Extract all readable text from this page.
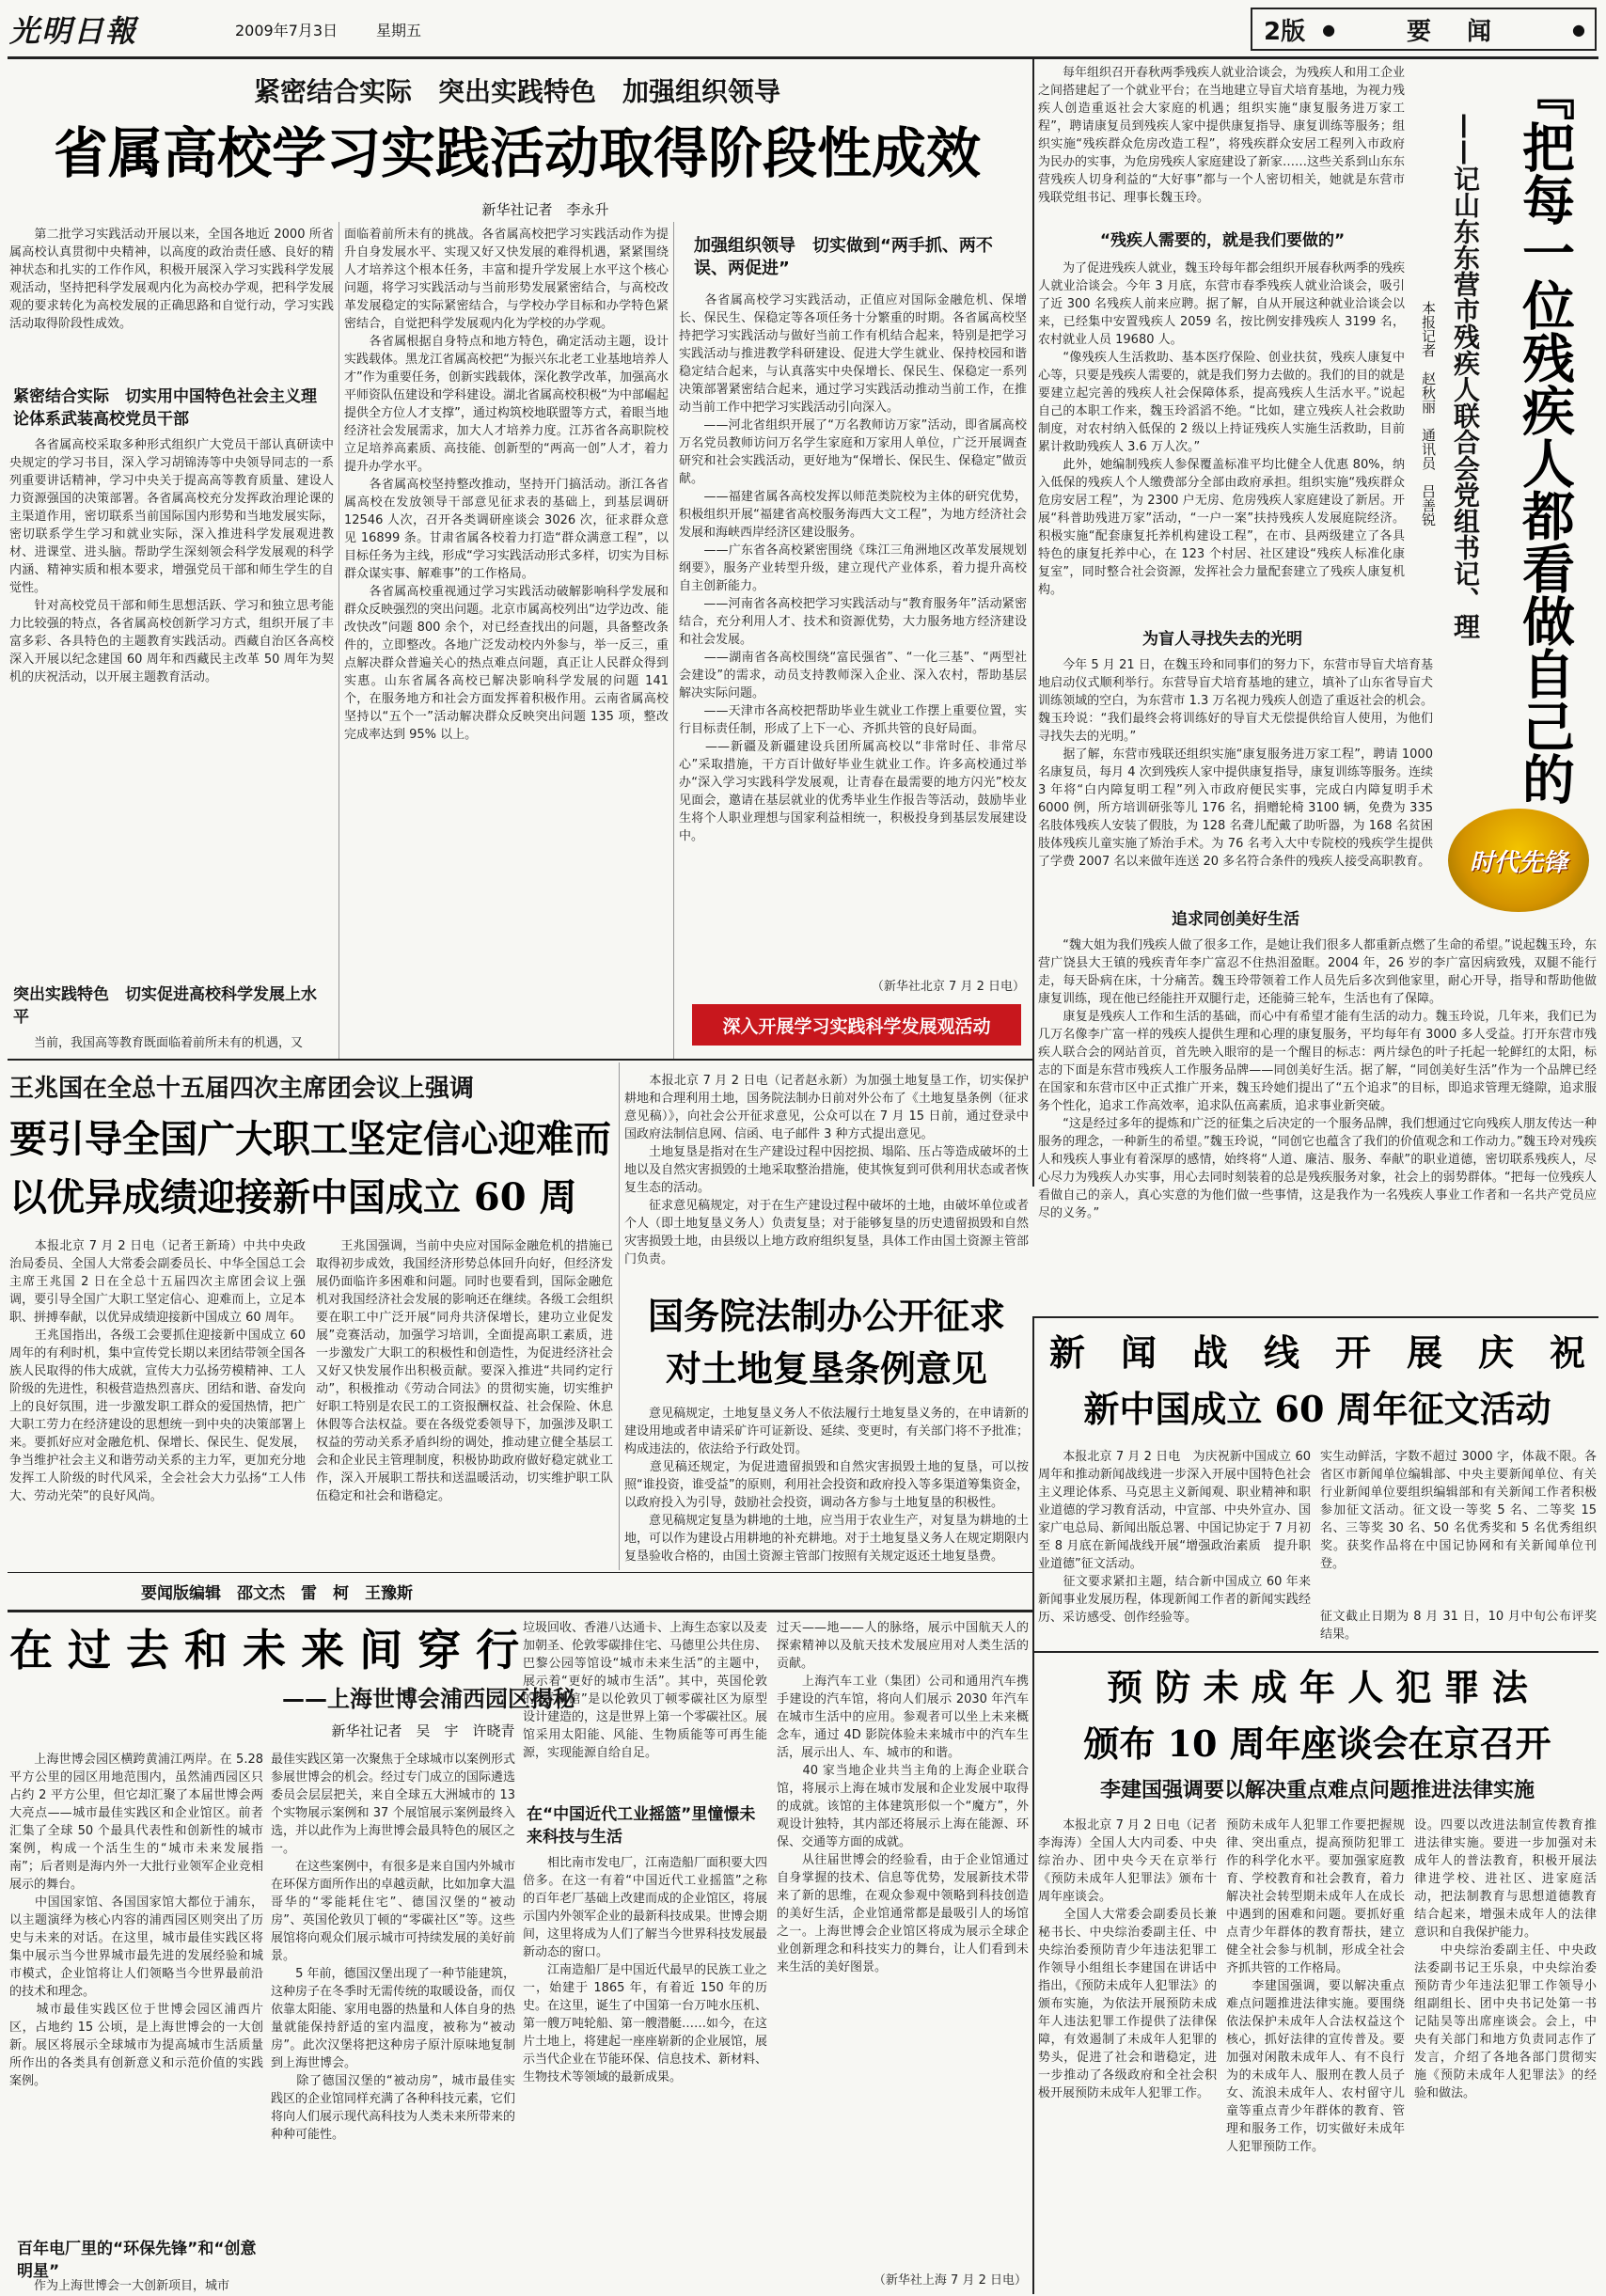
光明日報	2009年7月3日	星期五	2版	●	要　闻	●
紧密结合实际　突出实践特色　加强组织领导
省属高校学习实践活动取得阶段性成效
新华社记者　李永升
　　第二批学习实践活动开展以来，全国各地近 2000 所省属高校认真贯彻中央精神，以高度的政治责任感、良好的精神状态和扎实的工作作风，积极开展深入学习实践科学发展观活动，坚持把科学发展观内化为高校办学观，把科学发展观的要求转化为高校发展的正确思路和自觉行动，学习实践活动取得阶段性成效。
紧密结合实际　切实用中国特色社会主义理论体系武装高校党员干部
　　各省属高校采取多种形式组织广大党员干部认真研读中央规定的学习书目，深入学习胡锦涛等中央领导同志的一系列重要讲话精神，学习中央关于提高高等教育质量、建设人力资源强国的决策部署。各省属高校充分发挥政治理论课的主渠道作用，密切联系当前国际国内形势和当地发展实际，密切联系学生学习和就业实际，深入推进科学发展观进教材、进课堂、进头脑。帮助学生深刻领会科学发展观的科学内涵、精神实质和根本要求，增强党员干部和师生学生的自觉性。
　　针对高校党员干部和师生思想活跃、学习和独立思考能力比较强的特点，各省属高校创新学习方式，组织开展了丰富多彩、各具特色的主题教育实践活动。西藏自治区各高校深入开展以纪念建国 60 周年和西藏民主改革 50 周年为契机的庆祝活动，以开展主题教育活动。
突出实践特色　切实促进高校科学发展上水平
　　当前，我国高等教育既面临着前所未有的机遇，又
面临着前所未有的挑战。各省属高校把学习实践活动作为提升自身发展水平、实现又好又快发展的难得机遇，紧紧围绕人才培养这个根本任务，丰富和提升学发展上水平这个核心问题，将学习实践活动与当前形势发展紧密结合，与高校改革发展稳定的实际紧密结合，与学校办学目标和办学特色紧密结合，自觉把科学发展观内化为学校的办学观。
　　各省属根据自身特点和地方特色，确定活动主题，设计实践载体。黑龙江省属高校把“为振兴东北老工业基地培养人才”作为重要任务，创新实践载体，深化教学改革，加强高水平师资队伍建设和学科建设。湖北省属高校积极“为中部崛起提供全方位人才支撑”，通过构筑校地联盟等方式，着眼当地经济社会发展需求，加大人才培养力度。江苏省各高职院校立足培养高素质、高技能、创新型的“两高一创”人才，着力提升办学水平。
　　各省属高校坚持整改推动，坚持开门搞活动。浙江各省属高校在发放领导干部意见征求表的基础上，到基层调研 12546 人次，召开各类调研座谈会 3026 次，征求群众意见 16899 条。甘肃省属各校着力打造“群众满意工程”，以目标任务为主线，形成“学习实践活动形式多样，切实为目标群众谋实事、解难事”的工作格局。
　　各省属高校重视通过学习实践活动破解影响科学发展和群众反映强烈的突出问题。北京市属高校列出“边学边改、能改快改”问题 800 余个，对已经查找出的问题，具备整改条件的，立即整改。各地广泛发动校内外参与，举一反三，重点解决群众普遍关心的热点难点问题，真正让人民群众得到实惠。山东省属各高校已解决影响科学发展的问题 141 个，在服务地方和社会方面发挥着积极作用。云南省属高校坚持以“五个一”活动解决群众反映突出问题 135 项，整改完成率达到 95% 以上。
加强组织领导　切实做到“两手抓、两不误、两促进”
　　各省属高校学习实践活动，正值应对国际金融危机、保增长、保民生、保稳定等各项任务十分繁重的时期。各省属高校坚持把学习实践活动与做好当前工作有机结合起来，特别是把学习实践活动与推进教学科研建设、促进大学生就业、保持校园和谐稳定结合起来，与认真落实中央保增长、保民生、保稳定一系列决策部署紧密结合起来，通过学习实践活动推动当前工作，在推动当前工作中把学习实践活动引向深入。
　　——河北省组织开展了“万名教师访万家”活动，即省属高校万名党员教师访问万名学生家庭和万家用人单位，广泛开展调查研究和社会实践活动，更好地为“保增长、保民生、保稳定”做贡献。
　　——福建省属各高校发挥以师范类院校为主体的研究优势，积极组织开展“福建省高校服务海西大文工程”，为地方经济社会发展和海峡西岸经济区建设服务。
　　——广东省各高校紧密围绕《珠江三角洲地区改革发展规划纲要》，服务产业转型升级，建立现代产业体系，着力提升高校自主创新能力。
　　——河南省各高校把学习实践活动与“教育服务年”活动紧密结合，充分利用人才、技术和资源优势，大力服务地方经济建设和社会发展。
　　——湖南省各高校围绕“富民强省”、“一化三基”、“两型社会建设”的需求，动员支持教师深入企业、深入农村，帮助基层解决实际问题。
　　——天津市各高校把帮助毕业生就业工作摆上重要位置，实行目标责任制，形成了上下一心、齐抓共管的良好局面。
　　——新疆及新疆建设兵团所属高校以“非常时任、非常尽心”采取措施，干方百计做好毕业生就业工作。许多高校通过举办“深入学习实践科学发展观，让青春在最需要的地方闪光”校友见面会，邀请在基层就业的优秀毕业生作报告等活动，鼓励毕业生将个人职业理想与国家利益相统一，积极投身到基层发展建设中。
（新华社北京 7 月 2 日电）
深入开展学习实践科学发展观活动
『把每一位残疾人都看做自己的
——记山东东营市残疾人联合会党组书记、理
本报记者　赵秋丽　通讯员　吕善锐
时代先锋
　　每年组织召开春秋两季残疾人就业洽谈会，为残疾人和用工企业之间搭建起了一个就业平台；在当地建立导盲犬培育基地，为视力残疾人创造重返社会大家庭的机遇；组织实施“康复服务进万家工程”，聘请康复员到残疾人家中提供康复指导、康复训练等服务；组织实施“残疾群众危房改造工程”，将残疾群众安居工程列入市政府为民办的实事，为危房残疾人家庭建设了新家……这些关系到山东东营残疾人切身利益的“大好事”都与一个人密切相关，她就是东营市残联党组书记、理事长魏玉玲。
“残疾人需要的，就是我们要做的”
　　为了促进残疾人就业，魏玉玲每年都会组织开展春秋两季的残疾人就业洽谈会。今年 3 月底，东营市春季残疾人就业洽谈会，吸引了近 300 名残疾人前来应聘。据了解，自从开展这种就业洽谈会以来，已经集中安置残疾人 2059 名，按比例安排残疾人 3199 名，农村就业人员 19680 人。
　　“像残疾人生活救助、基本医疗保险、创业扶贫，残疾人康复中心等，只要是残疾人需要的，就是我们努力去做的。我们的目的就是要建立起完善的残疾人社会保障体系，提高残疾人生活水平。”说起自己的本职工作来，魏玉玲滔滔不绝。“比如，建立残疾人社会救助制度，对农村纳入低保的 2 级以上持证残疾人实施生活救助，目前累计救助残疾人 3.6 万人次。”
　　此外，她编制残疾人参保覆盖标准平均比健全人优惠 80%，纳入低保的残疾人个人缴费部分全部由政府承担。组织实施“残疾群众危房安居工程”，为 2300 户无房、危房残疾人家庭建设了新居。开展“科普助残进万家”活动，“一户一案”扶持残疾人发展庭院经济。积极实施“配套康复托养机构建设工程”，在市、县两级建立了各具特色的康复托养中心，在 123 个村居、社区建设“残疾人标准化康复室”，同时整合社会资源，发挥社会力量配套建立了残疾人康复机构。
为盲人寻找失去的光明
　　今年 5 月 21 日，在魏玉玲和同事们的努力下，东营市导盲犬培育基地启动仪式顺利举行。东营导盲犬培育基地的建立，填补了山东省导盲犬训练领域的空白，为东营市 1.3 万名视力残疾人创造了重返社会的机会。魏玉玲说：“我们最终会将训练好的导盲犬无偿提供给盲人使用，为他们寻找失去的光明。”
　　据了解，东营市残联还组织实施“康复服务进万家工程”，聘请 1000 名康复员，每月 4 次到残疾人家中提供康复指导，康复训练等服务。连续 3 年将“白内障复明工程”列入市政府便民实事，完成白内障复明手术 6000 例，所方培训研张等儿 176 名，捐赠轮椅 3100 辆，免费为 335 名肢体残疾人安装了假肢，为 128 名聋儿配戴了助听器，为 168 名贫困肢体残疾儿童实施了矫治手术。为 76 名考入大中专院校的残疾学生提供了学费 2007 名以来做年连送 20 多名符合条件的残疾人接受高职教育。
追求同创美好生活
　　“魏大姐为我们残疾人做了很多工作，是她让我们很多人都重新点燃了生命的希望。”说起魏玉玲，东营广饶县大王镇的残疾青年李广富忍不住热泪盈眶。2004 年，26 岁的李广富因病致残，双腿不能行走，每天卧病在床，十分痛苦。魏玉玲带领着工作人员先后多次到他家里，耐心开导，指导和帮助他做康复训练，现在他已经能拄开双腿行走，还能骑三轮车，生活也有了保障。
　　康复是残疾人工作和生活的基础，而心中有希望才能有生活的动力。魏玉玲说，几年来，我们已为几万名像李广富一样的残疾人提供生理和心理的康复服务，平均每年有 3000 多人受益。打开东营市残疾人联合会的网站首页，首先映入眼帘的是一个醒目的标志：两片绿色的叶子托起一轮鲜红的太阳，标志的下面是东营市残疾人工作服务品牌——同创美好生活。据了解，“同创美好生活”作为一个品牌已经在国家和东营市区中正式推广开来，魏玉玲她们提出了“五个追求”的目标，即追求管理无缝隙，追求服务个性化，追求工作高效率，追求队伍高素质，追求事业新突破。
　　“这是经过多年的提炼和广泛的征集之后决定的一个服务品牌，我们想通过它向残疾人朋友传达一种服务的理念，一种新生的希望。”魏玉玲说，“同创它也蕴含了我们的价值观念和工作动力。”魏玉玲对残疾人和残疾人事业有着深厚的感情，始终将“人道、廉洁、服务、奉献”的职业道德，密切联系残疾人，尽心尽力为残疾人办实事，用心去同时刻装着的总是残疾服务对象，社会上的弱势群体。“把每一位残疾人看做自己的亲人，真心实意的为他们做一些事情，这是我作为一名残疾人事业工作者和一名共产党员应尽的义务。”
王兆国在全总十五届四次主席团会议上强调
要引导全国广大职工坚定信心迎难而
以优异成绩迎接新中国成立 60 周
　　本报北京 7 月 2 日电（记者王新琦）中共中央政治局委员、全国人大常委会副委员长、中华全国总工会主席王兆国 2 日在全总十五届四次主席团会议上强调，要引导全国广大职工坚定信心、迎难而上，立足本职、拼搏奉献，以优异成绩迎接新中国成立 60 周年。
　　王兆国指出，各级工会要抓住迎接新中国成立 60 周年的有利时机，集中宣传党长期以来团结带领全国各族人民取得的伟大成就，宣传大力弘扬劳模精神、工人阶级的先进性，积极营造热烈喜庆、团结和谐、奋发向上的良好氛围，进一步激发职工群众的爱国热情，把广大职工劳力在经济建设的思想统一到中央的决策部署上来。要抓好应对金融危机、保增长、保民生、促发展，争当维护社会主义和谐劳动关系的主力军，更加充分地发挥工人阶级的时代风采，全会社会大力弘扬“工人伟大、劳动光荣”的良好风尚。
　　王兆国强调，当前中央应对国际金融危机的措施已取得初步成效，我国经济形势总体回升向好，但经济发展仍面临许多困难和问题。同时也要看到，国际金融危机对我国经济社会发展的影响还在继续。各级工会组织要在职工中广泛开展“同舟共济保增长，建功立业促发展”竞赛活动，加强学习培训，全面提高职工素质，进一步激发广大职工的积极性和创造性，为促进经济社会又好又快发展作出积极贡献。要深入推进“共同约定行动”，积极推动《劳动合同法》的贯彻实施，切实维护好职工特别是农民工的工资报酬权益、社会保险、休息休假等合法权益。要在各级党委领导下，加强涉及职工权益的劳动关系矛盾纠纷的调处，推动建立健全基层工会和企业民主管理制度，积极协助政府做好稳定就业工作，深入开展职工帮扶和送温暖活动，切实维护职工队伍稳定和社会和谐稳定。
　　本报北京 7 月 2 日电（记者赵永新）为加强土地复垦工作，切实保护耕地和合理利用土地，国务院法制办日前对外公布了《土地复垦条例（征求意见稿）》，向社会公开征求意见，公众可以在 7 月 15 日前，通过登录中国政府法制信息网、信函、电子邮件 3 种方式提出意见。
　　土地复垦是指对在生产建设过程中因挖损、塌陷、压占等造成破坏的土地以及自然灾害损毁的土地采取整治措施，使其恢复到可供利用状态或者恢复生态的活动。
　　征求意见稿规定，对于在生产建设过程中破坏的土地，由破坏单位或者个人（即土地复垦义务人）负责复垦；对于能够复垦的历史遗留损毁和自然灾害损毁土地，由县级以上地方政府组织复垦，具体工作由国土资源主管部门负责。
国务院法制办公开征求
对土地复垦条例意见
　　意见稿规定，土地复垦义务人不依法履行土地复垦义务的，在申请新的建设用地或者申请采矿许可证新设、延续、变更时，有关部门将不予批准；构成违法的，依法给予行政处罚。
　　意见稿还规定，为促进遗留损毁和自然灾害损毁土地的复垦，可以按照“谁投资，谁受益”的原则，利用社会投资和政府投入等多渠道筹集资金，以政府投入为引导，鼓励社会投资，调动各方参与土地复垦的积极性。
　　意见稿规定复垦为耕地的土地，应当用于农业生产，对复垦为耕地的土地，可以作为建设占用耕地的补充耕地。对于土地复垦义务人在规定期限内复垦验收合格的，由国土资源主管部门按照有关规定返还土地复垦费。
新　闻　战　线　开　展　庆　祝
新中国成立 60 周年征文活动
　　本报北京 7 月 2 日电　为庆祝新中国成立 60 周年和推动新闻战线进一步深入开展中国特色社会主义理论体系、马克思主义新闻观、职业精神和职业道德的学习教育活动，中宣部、中央外宣办、国家广电总局、新闻出版总署、中国记协定于 7 月初至 8 月底在新闻战线开展“增强政治素质　提升职业道德”征文活动。
　　征文要求紧扣主题，结合新中国成立 60 年来新闻事业发展历程，体现新闻工作者的新闻实践经历、采访感受、创作经验等。
实生动鲜活，字数不超过 3000 字，体裁不限。各省区市新闻单位编辑部、中央主要新闻单位、有关行业新闻单位要组织编辑部和有关新闻工作者积极参加征文活动。征文设一等奖 5 名、二等奖 15 名、三等奖 30 名、50 名优秀奖和 5 名优秀组织奖。获奖作品将在中国记协网和有关新闻单位刊登。
征文截止日期为 8 月 31 日，10 月中旬公布评奖结果。
要闻版编辑　邵文杰　雷　柯　王豫斯
在 过 去 和 未 来 间 穿 行
——上海世博会浦西园区揭秘
新华社记者　吴　宇　许晓青
　　上海世博会园区横跨黄浦江两岸。在 5.28 平方公里的园区用地范围内，虽然浦西园区只占约 2 平方公里，但它却汇聚了本届世博会两大亮点——城市最佳实践区和企业馆区。前者汇集了全球 50 个最具代表性和创新性的城市案例，构成一个活生生的“城市未来发展指南”；后者则是海内外一大批行业领军企业竞相展示的舞台。
　　中国国家馆、各国国家馆大都位于浦东，以主题演绎为核心内容的浦西园区则突出了历史与未来的对话。在这里，城市最佳实践区将集中展示当今世界城市最先进的发展经验和城市模式，企业馆将让人们领略当今世界最前沿的技术和理念。
　　城市最佳实践区位于世博会园区浦西片区，占地约 15 公顷，是上海世博会的一大创新。展区将展示全球城市为提高城市生活质量所作出的各类具有创新意义和示范价值的实践案例。
百年电厂里的“环保先锋”和“创意明星”
　　作为上海世博会一大创新项目，城市
最佳实践区第一次聚焦于全球城市以案例形式参展世博会的机会。经过专门成立的国际遴选委员会层层把关，来自全球五大洲城市的 13 个实物展示案例和 37 个展馆展示案例最终入选，并以此作为上海世博会最具特色的展区之一。
　　在这些案例中，有很多是来自国内外城市在环保方面所作出的卓越贡献，比如加拿大温哥华的“零能耗住宅”、德国汉堡的“被动房”、英国伦敦贝丁顿的“零碳社区”等。这些展馆将向观众们展示城市可持续发展的美好前景。
　　5 年前，德国汉堡出现了一种节能建筑，这种房子在冬季时无需传统的取暖设备，而仅依靠太阳能、家用电器的热量和人体自身的热量就能保持舒适的室内温度，被称为“被动房”。此次汉堡将把这种房子原汁原味地复制到上海世博会。
　　除了德国汉堡的“被动房”，城市最佳实践区的企业馆同样充满了各种科技元素，它们将向人们展示现代高科技为人类未来所带来的种种可能性。
垃圾回收、香港八达通卡、上海生态家以及麦加朝圣、伦敦零碳排住宅、马德里公共住房、巴黎公园等馆设“城市未来生活”的主题中，展示着“更好的城市生活”。其中，英国伦敦的“零碳馆”是以伦敦贝丁顿零碳社区为原型设计建造的，这是世界上第一个零碳社区。展馆采用太阳能、风能、生物质能等可再生能源，实现能源自给自足。
在“中国近代工业摇篮”里憧憬未来科技与生活
　　相比南市发电厂，江南造船厂面积要大四倍多。在这一有着“中国近代工业摇篮”之称的百年老厂基础上改建而成的企业馆区，将展示国内外领军企业的最新科技成果。世博会期间，这里将成为人们了解当今世界科技发展最新动态的窗口。
　　江南造船厂是中国近代最早的民族工业之一，始建于 1865 年，有着近 150 年的历史。在这里，诞生了中国第一台万吨水压机、第一艘万吨轮船、第一艘潜艇……如今，在这片土地上，将建起一座座崭新的企业展馆，展示当代企业在节能环保、信息技术、新材料、生物技术等领域的最新成果。
过天——地——人的脉络，展示中国航天人的探索精神以及航天技术发展应用对人类生活的贡献。
　　上海汽车工业（集团）公司和通用汽车携手建设的汽车馆，将向人们展示 2030 年汽车在城市生活中的应用。参观者可以坐上未来概念车，通过 4D 影院体验未来城市中的汽车生活，展示出人、车、城市的和谐。
　　40 家当地企业共当主角的上海企业联合馆，将展示上海在城市发展和企业发展中取得的成就。该馆的主体建筑形似一个“魔方”，外观设计独特，其内部还将展示上海在能源、环保、交通等方面的成就。
　　从往届世博会的经验看，由于企业馆通过自身掌握的技术、信息等优势，发展新技术带来了新的思维，在观众参观中领略到科技创造的美好生活，企业馆通常都是最吸引人的场馆之一。上海世博会企业馆区将成为展示全球企业创新理念和科技实力的舞台，让人们看到未来生活的美好图景。
（新华社上海 7 月 2 日电）
预 防 未 成 年 人 犯 罪 法
颁布 10 周年座谈会在京召开
李建国强调要以解决重点难点问题推进法律实施
　　本报北京 7 月 2 日电（记者李海涛）全国人大内司委、中央综治办、团中央今天在京举行《预防未成年人犯罪法》颁布十周年座谈会。
　　全国人大常委会副委员长兼秘书长、中央综治委副主任、中央综治委预防青少年违法犯罪工作领导小组组长李建国在讲话中指出，《预防未成年人犯罪法》的颁布实施，为依法开展预防未成年人违法犯罪工作提供了法律保障，有效遏制了未成年人犯罪的势头，促进了社会和谐稳定，进一步推动了各级政府和全社会积极开展预防未成年人犯罪工作。
预防未成年人犯罪工作要把握规律、突出重点，提高预防犯罪工作的科学化水平。要加强家庭教育、学校教育和社会教育，着力解决社会转型期未成年人在成长中遇到的困难和问题。要抓好重点青少年群体的教育帮扶，建立健全社会参与机制，形成全社会齐抓共管的工作格局。
　　李建国强调，要以解决重点难点问题推进法律实施。要围绕依法保护未成年人合法权益这个核心，抓好法律的宣传普及。要加强对闲散未成年人、有不良行为的未成年人、服刑在教人员子女、流浪未成年人、农村留守儿童等重点青少年群体的教育、管理和服务工作，切实做好未成年人犯罪预防工作。
设。四要以改进法制宣传教育推进法律实施。要进一步加强对未成年人的普法教育，积极开展法律进学校、进社区、进家庭活动，把法制教育与思想道德教育结合起来，增强未成年人的法律意识和自我保护能力。
　　中央综治委副主任、中央政法委副书记王乐泉，中央综治委预防青少年违法犯罪工作领导小组副组长、团中央书记处第一书记陆昊等出席座谈会。会上，中央有关部门和地方负责同志作了发言，介绍了各地各部门贯彻实施《预防未成年人犯罪法》的经验和做法。
